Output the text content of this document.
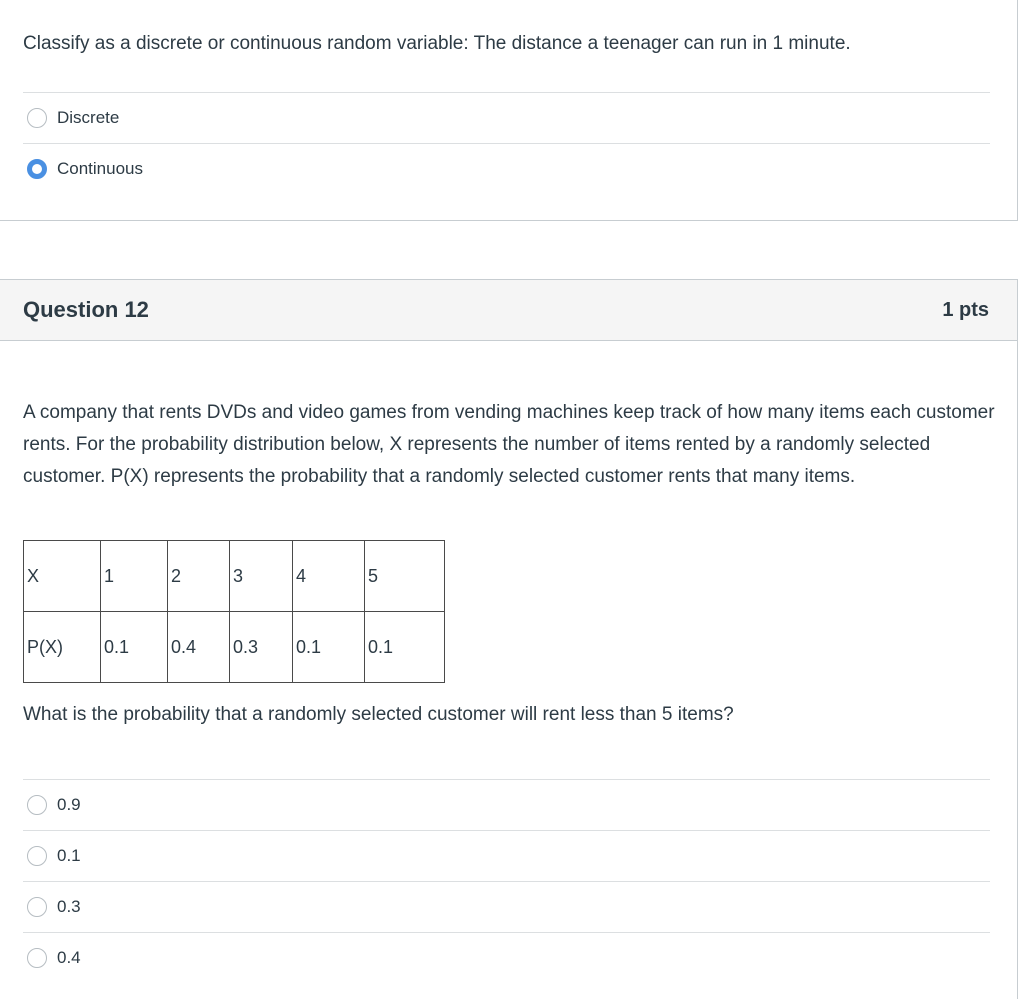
Classify as a discrete or continuous random variable: The distance a teenager can run in 1 minute.
Discrete
Continuous
Question 12	1 pts
A company that rents DVDs and video games from vending machines keep track of how many items each customer rents. For the probability distribution below, X represents the number of items rented by a randomly selected customer. P(X) represents the probability that a randomly selected customer rents that many items.
X	1	2	3	4	5
P(X)	0.1	0.4	0.3	0.1	0.1
What is the probability that a randomly selected customer will rent less than 5 items?
0.9
0.1
0.3
0.4
